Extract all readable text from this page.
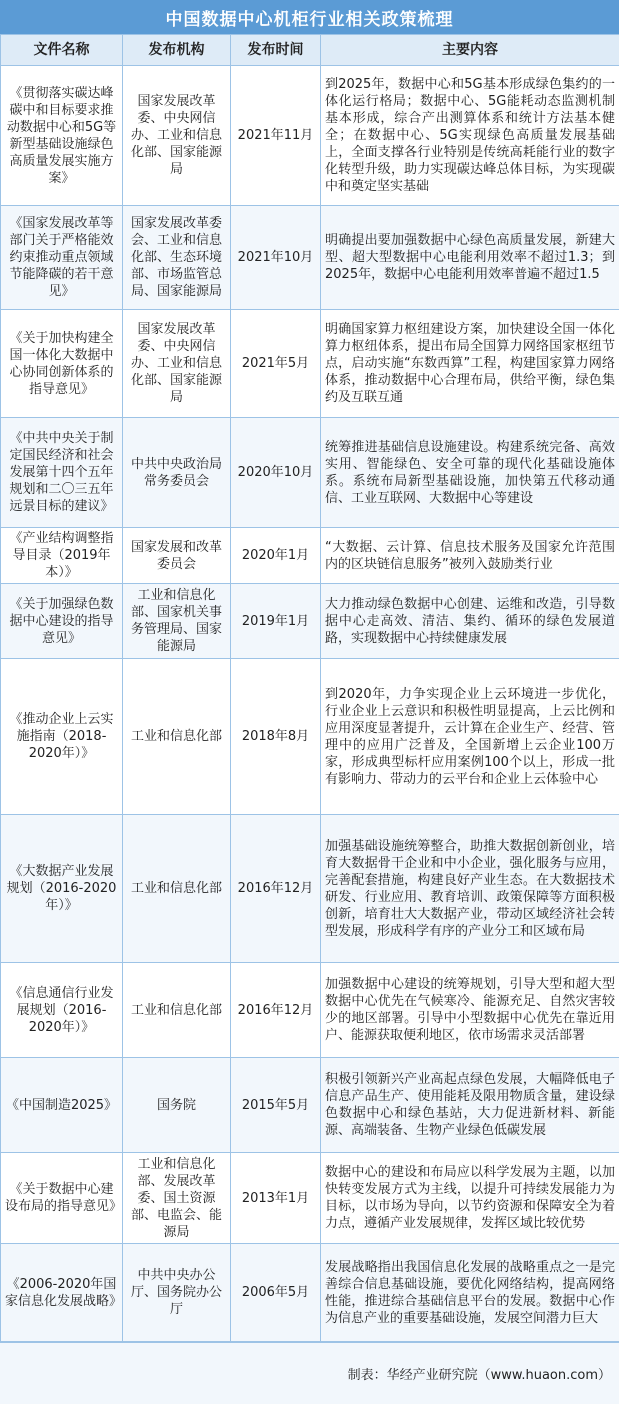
中国数据中心机柜行业相关政策梳理
文件名称	发布机构	发布时间	主要内容
《贯彻落实碳达峰碳中和目标要求推动数据中心和5G等新型基础设施绿色高质量发展实施方案》	国家发展改革委、中央网信办、工业和信息化部、国家能源局	2021年11月	到2025年，数据中心和5G基本形成绿色集约的一体化运行格局；数据中心、5G能耗动态监测机制基本形成，综合产出测算体系和统计方法基本健全；在数据中心、5G实现绿色高质量发展基础上，全面支撑各行业特别是传统高耗能行业的数字化转型升级，助力实现碳达峰总体目标，为实现碳中和奠定坚实基础
《国家发展改革等部门关于严格能效约束推动重点领域节能降碳的若干意见》	国家发展改革委会、工业和信息化部、生态环境部、市场监管总局、国家能源局	2021年10月	明确提出要加强数据中心绿色高质量发展，新建大型、超大型数据中心电能利用效率不超过1.3；到2025年，数据中心电能利用效率普遍不超过1.5
《关于加快构建全国一体化大数据中心协同创新体系的指导意见》	国家发展改革委、中央网信办、工业和信息化部、国家能源局	2021年5月	明确国家算力枢纽建设方案，加快建设全国一体化算力枢纽体系，提出布局全国算力网络国家枢纽节点，启动实施“东数西算”工程，构建国家算力网络体系，推动数据中心合理布局，供给平衡，绿色集约及互联互通
《中共中央关于制定国民经济和社会发展第十四个五年规划和二〇三五年远景目标的建议》	中共中央政治局常务委员会	2020年10月	统筹推进基础信息设施建设。构建系统完备、高效实用、智能绿色、安全可靠的现代化基础设施体系。系统布局新型基础设施，加快第五代移动通信、工业互联网、大数据中心等建设
《产业结构调整指导目录（2019年本）》	国家发展和改革委员会	2020年1月	“大数据、云计算、信息技术服务及国家允许范围内的区块链信息服务”被列入鼓励类行业
《关于加强绿色数据中心建设的指导意见》	工业和信息化部、国家机关事务管理局、国家能源局	2019年1月	大力推动绿色数据中心创建、运维和改造，引导数据中心走高效、清洁、集约、循环的绿色发展道路，实现数据中心持续健康发展
《推动企业上云实施指南（2018-2020年）》	工业和信息化部	2018年8月	到2020年，力争实现企业上云环境进一步优化，行业企业上云意识和积极性明显提高，上云比例和应用深度显著提升，云计算在企业生产、经营、管理中的应用广泛普及，全国新增上云企业100万家，形成典型标杆应用案例100个以上，形成一批有影响力、带动力的云平台和企业上云体验中心
《大数据产业发展规划（2016-2020年）》	工业和信息化部	2016年12月	加强基础设施统筹整合，助推大数据创新创业，培育大数据骨干企业和中小企业，强化服务与应用，完善配套措施，构建良好产业生态。在大数据技术研发、行业应用、教育培训、政策保障等方面积极创新，培育壮大大数据产业，带动区域经济社会转型发展，形成科学有序的产业分工和区域布局
《信息通信行业发展规划（2016-2020年）》	工业和信息化部	2016年12月	加强数据中心建设的统筹规划，引导大型和超大型数据中心优先在气候寒冷、能源充足、自然灾害较少的地区部署。引导中小型数据中心优先在靠近用户、能源获取便利地区，依市场需求灵活部署
《中国制造2025》	国务院	2015年5月	积极引领新兴产业高起点绿色发展，大幅降低电子信息产品生产、使用能耗及限用物质含量，建设绿色数据中心和绿色基站，大力促进新材料、新能源、高端装备、生物产业绿色低碳发展
《关于数据中心建设布局的指导意见》	工业和信息化部、发展改革委、国土资源部、电监会、能源局	2013年1月	数据中心的建设和布局应以科学发展为主题，以加快转变发展方式为主线，以提升可持续发展能力为目标，以市场为导向，以节约资源和保障安全为着力点，遵循产业发展规律，发挥区域比较优势
《2006-2020年国家信息化发展战略》	中共中央办公厅、国务院办公厅	2006年5月	发展战略指出我国信息化发展的战略重点之一是完善综合信息基础设施，要优化网络结构，提高网络性能，推进综合基础信息平台的发展。数据中心作为信息产业的重要基础设施，发展空间潜力巨大
制表：华经产业研究院（www.huaon.com）
